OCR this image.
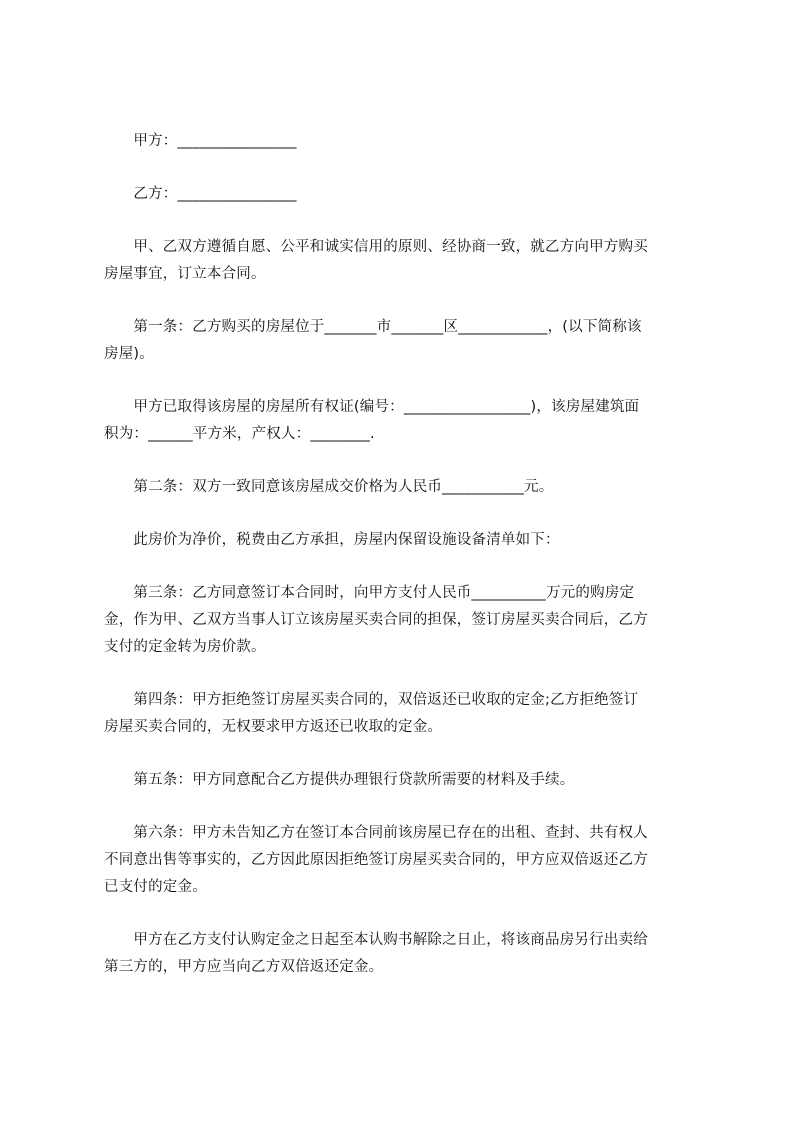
　　甲方：________________
　　乙方：________________
　　甲、乙双方遵循自愿、公平和诚实信用的原则、经协商一致，就乙方向甲方购买
房屋事宜，订立本合同。
　　第一条：乙方购买的房屋位于_______市_______区____________，(以下简称该
房屋)。
　　甲方已取得该房屋的房屋所有权证(编号：_________________)，该房屋建筑面
积为：______平方米，产权人：________.
　　第二条：双方一致同意该房屋成交价格为人民币___________元。
　　此房价为净价，税费由乙方承担，房屋内保留设施设备清单如下：
　　第三条：乙方同意签订本合同时，向甲方支付人民币__________万元的购房定
金，作为甲、乙双方当事人订立该房屋买卖合同的担保，签订房屋买卖合同后，乙方
支付的定金转为房价款。
　　第四条：甲方拒绝签订房屋买卖合同的，双倍返还已收取的定金;乙方拒绝签订
房屋买卖合同的，无权要求甲方返还已收取的定金。
　　第五条：甲方同意配合乙方提供办理银行贷款所需要的材料及手续。
　　第六条：甲方未告知乙方在签订本合同前该房屋已存在的出租、查封、共有权人
不同意出售等事实的，乙方因此原因拒绝签订房屋买卖合同的，甲方应双倍返还乙方
已支付的定金。
　　甲方在乙方支付认购定金之日起至本认购书解除之日止，将该商品房另行出卖给
第三方的，甲方应当向乙方双倍返还定金。
